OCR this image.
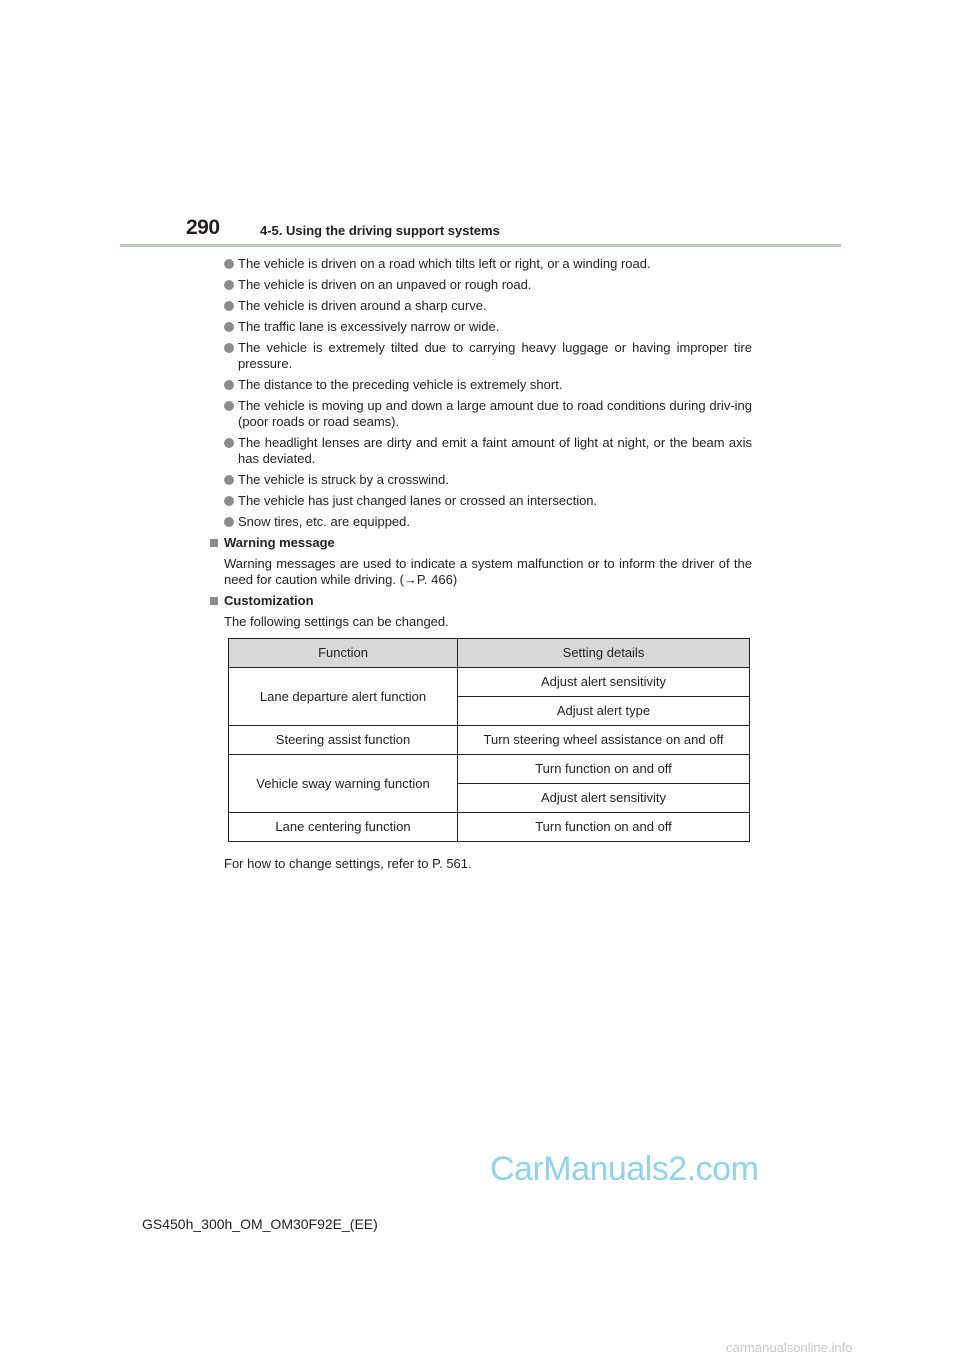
290	4-5. Using the driving support systems
The vehicle is driven on a road which tilts left or right, or a winding road.
The vehicle is driven on an unpaved or rough road.
The vehicle is driven around a sharp curve.
The traffic lane is excessively narrow or wide.
The vehicle is extremely tilted due to carrying heavy luggage or having improper tire pressure.
The distance to the preceding vehicle is extremely short.
The vehicle is moving up and down a large amount due to road conditions during driv-ing (poor roads or road seams).
The headlight lenses are dirty and emit a faint amount of light at night, or the beam axis has deviated.
The vehicle is struck by a crosswind.
The vehicle has just changed lanes or crossed an intersection.
Snow tires, etc. are equipped.
Warning message
Warning messages are used to indicate a system malfunction or to inform the driver of the need for caution while driving. (→P. 466)
Customization
The following settings can be changed.
Function	Setting details
Lane departure alert function	Adjust alert sensitivity
	Adjust alert type
Steering assist function	Turn steering wheel assistance on and off
Vehicle sway warning function	Turn function on and off
	Adjust alert sensitivity
Lane centering function	Turn function on and off
For how to change settings, refer to P. 561.
CarManuals2.com
GS450h_300h_OM_OM30F92E_(EE)
carmanualsonline.info
